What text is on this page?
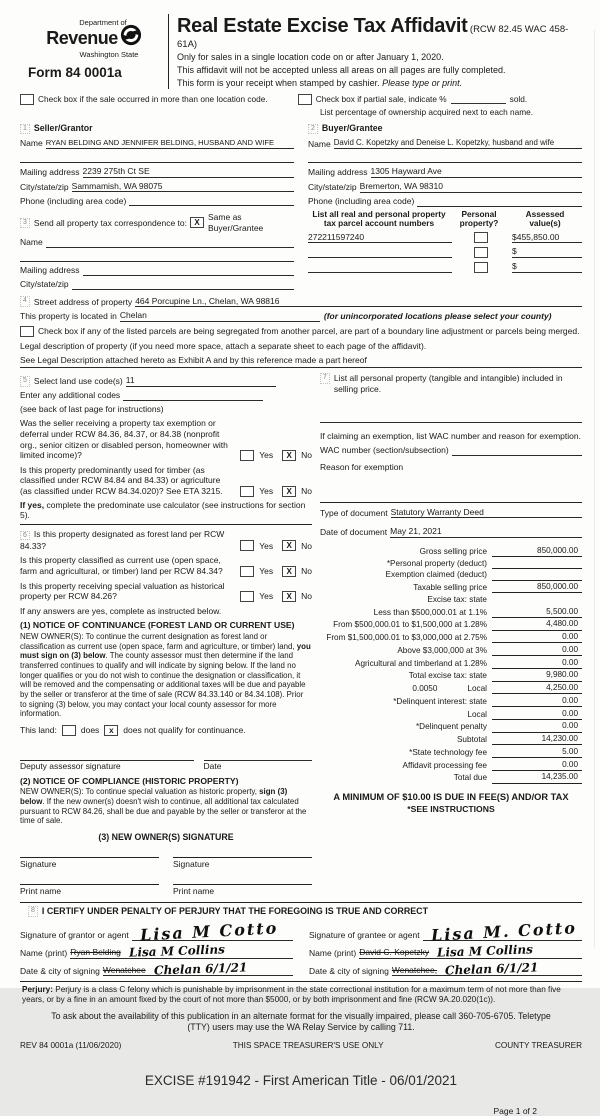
Department of
Revenue
Washington State
Form 84 0001a
Real Estate Excise Tax Affidavit (RCW 82.45 WAC 458-61A)
Only for sales in a single location code on or after January 1, 2020.
This affidavit will not be accepted unless all areas on all pages are fully completed.
This form is your receipt when stamped by cashier. Please type or print.
Check box if the sale occurred in more than one location code.	Check box if partial sale, indicate %	sold.
List percentage of ownership acquired next to each name.
1 Seller/Grantor
Name RYAN BELDING AND JENNIFER BELDING, HUSBAND AND WIFE
Mailing address 2239 275th Ct SE
City/state/zip Sammamish, WA 98075
Phone (including area code)
3 Send all property tax correspondence to: X
Same as Buyer/Grantee
Name
Mailing address
City/state/zip
2 Buyer/Grantee
Name David C. Kopetzky and Deneise L. Kopetzky, husband and wife
Mailing address 1305 Hayward Ave
City/state/zip Bremerton, WA 98310
Phone (including area code)
List all real and personal property
tax parcel account numbers
Personal
property?
Assessed
value(s)
272211597240	$455,850.00
$
$
4 Street address of property 464 Porcupine Ln., Chelan, WA 98816
This property is located in Chelan	(for unincorporated locations please select your county)
Check box if any of the listed parcels are being segregated from another parcel, are part of a boundary line adjustment or parcels being merged.
Legal description of property (if you need more space, attach a separate sheet to each page of the affidavit).
See Legal Description attached hereto as Exhibit A and by this reference made a part hereof
5 Select land use code(s) 11
Enter any additional codes
(see back of last page for instructions)
Was the seller receiving a property tax exemption or deferral under RCW 84.36, 84.37, or 84.38 (nonprofit org., senior citizen or disabled person, homeowner with limited income)?	Yes	X	No
Is this property predominantly used for timber (as classified under RCW 84.84 and 84.33) or agriculture (as classified under RCW 84.34.020)? See ETA 3215.	Yes	X	No
If yes, complete the predominate use calculator (see instructions for section 5).
6 Is this property designated as forest land per RCW 84.33?	Yes	X	No
Is this property classified as current use (open space, farm and agricultural, or timber) land per RCW 84.34?	Yes	X	No
Is this property receiving special valuation as historical property per RCW 84.26?	Yes	X	No
If any answers are yes, complete as instructed below.
(1) NOTICE OF CONTINUANCE (FOREST LAND OR CURRENT USE)
NEW OWNER(S): To continue the current designation as forest land or classification as current use (open space, farm and agriculture, or timber) land, you must sign on (3) below. The county assessor must then determine if the land transferred continues to qualify and will indicate by signing below. If the land no longer qualifies or you do not wish to continue the designation or classification, it will be removed and the compensating or additional taxes will be due and payable by the seller or transferor at the time of sale (RCW 84.33.140 or 84.34.108). Prior to signing (3) below, you may contact your local county assessor for more information.
This land:	does	x	does not qualify for continuance.
Deputy assessor signature	Date
(2) NOTICE OF COMPLIANCE (HISTORIC PROPERTY)
NEW OWNER(S): To continue special valuation as historic property, sign (3) below. If the new owner(s) doesn't wish to continue, all additional tax calculated pursuant to RCW 84.26, shall be due and payable by the seller or transferor at the time of sale.
(3) NEW OWNER(S) SIGNATURE
Signature
Print name
Signature
Print name
7 List all personal property (tangible and intangible) included in selling price.
If claiming an exemption, list WAC number and reason for exemption.
WAC number (section/subsection)
Reason for exemption
Type of document Statutory Warranty Deed
Date of document May 21, 2021
Gross selling price	850,000.00
*Personal property (deduct)
Exemption claimed (deduct)
Taxable selling price	850,000.00
Excise tax: state
Less than $500,000.01 at 1.1%	5,500.00
From $500,000.01 to $1,500,000 at 1.28%	4,480.00
From $1,500,000.01 to $3,000,000 at 2.75%	0.00
Above $3,000,000 at 3%	0.00
Agricultural and timberland at 1.28%	0.00
Total excise tax: state	9,980.00
0.0050	Local	4,250.00
*Delinquent interest: state	0.00
Local	0.00
*Delinquent penalty	0.00
Subtotal	14,230.00
*State technology fee	5.00
Affidavit processing fee	0.00
Total due	14,235.00
A MINIMUM OF $10.00 IS DUE IN FEE(S) AND/OR TAX
*SEE INSTRUCTIONS
8 I CERTIFY UNDER PENALTY OF PERJURY THAT THE FOREGOING IS TRUE AND CORRECT
Signature of grantor or agent Lisa M Cotto
Name (print) Ryan Belding Lisa M Collins
Date & city of signing Wenatchee Chelan 6/1/21
Signature of grantee or agent Lisa M. Cotto
Name (print) David C. Kopetzky Lisa M Collins
Date & city of signing Wenatchee, Chelan 6/1/21
Perjury: Perjury is a class C felony which is punishable by imprisonment in the state correctional institution for a maximum term of not more than five years, or by a fine in an amount fixed by the court of not more than $5000, or by both imprisonment and fine (RCW 9A.20.020(1c)).
To ask about the availability of this publication in an alternate format for the visually impaired, please call 360-705-6705. Teletype (TTY) users may use the WA Relay Service by calling 711.
REV 84 0001a (11/06/2020)	THIS SPACE TREASURER'S USE ONLY	COUNTY TREASURER
EXCISE #191942 - First American Title - 06/01/2021
Page 1 of 2
